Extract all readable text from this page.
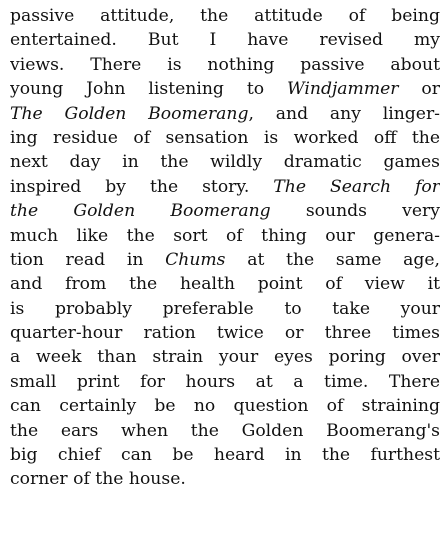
passive attitude, the attitude of being
entertained. But I have revised my
views. There is nothing passive about
young John listening to Windjammer or
The Golden Boomerang, and any linger-
ing residue of sensation is worked off the
next day in the wildly dramatic games
inspired by the story. The Search for
the Golden Boomerang sounds very
much like the sort of thing our genera-
tion read in Chums at the same age,
and from the health point of view it
is probably preferable to take your
quarter-hour ration twice or three times
a week than strain your eyes poring over
small print for hours at a time. There
can certainly be no question of straining
the ears when the Golden Boomerang's
big chief can be heard in the furthest
corner of the house.
